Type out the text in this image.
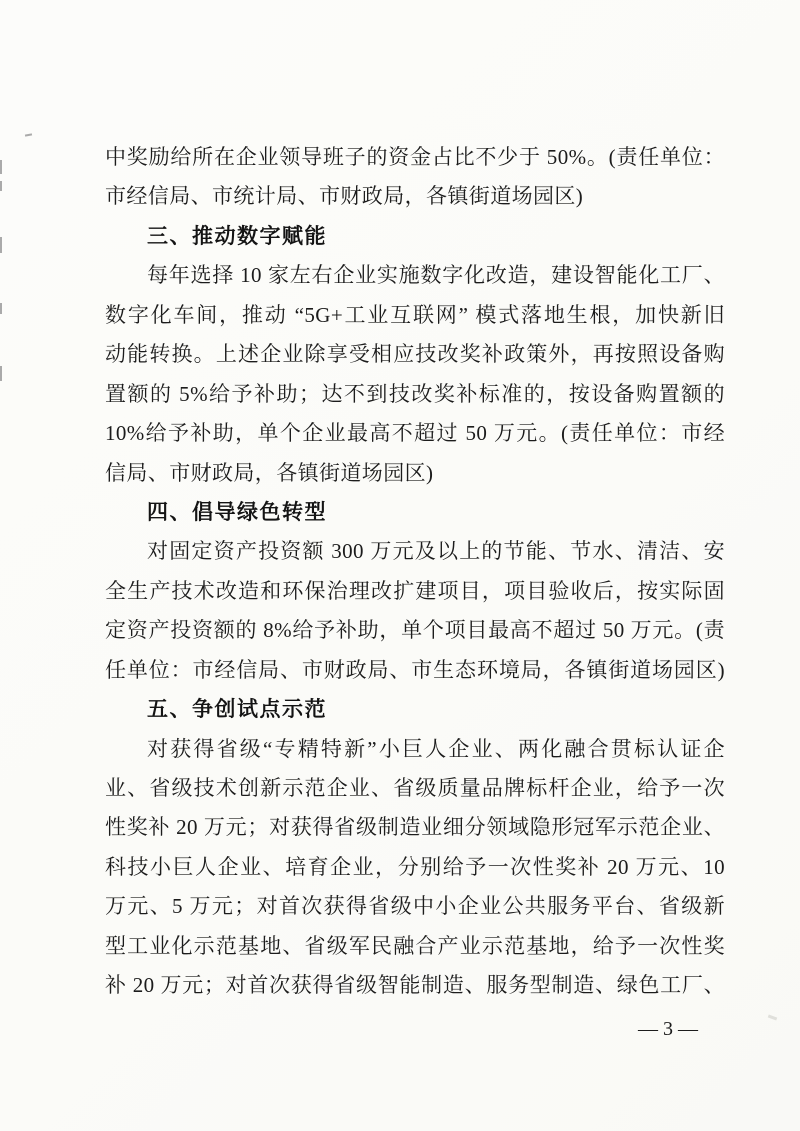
中奖励给所在企业领导班子的资金占比不少于 50%。(责任单位：
市经信局、市统计局、市财政局，各镇街道场园区)
三、推动数字赋能
每年选择 10 家左右企业实施数字化改造，建设智能化工厂、
数字化车间，推动 “5G+工业互联网” 模式落地生根，加快新旧
动能转换。上述企业除享受相应技改奖补政策外，再按照设备购
置额的 5%给予补助；达不到技改奖补标准的，按设备购置额的
10%给予补助，单个企业最高不超过 50 万元。(责任单位：市经
信局、市财政局，各镇街道场园区)
四、倡导绿色转型
对固定资产投资额 300 万元及以上的节能、节水、清洁、安
全生产技术改造和环保治理改扩建项目，项目验收后，按实际固
定资产投资额的 8%给予补助，单个项目最高不超过 50 万元。(责
任单位：市经信局、市财政局、市生态环境局，各镇街道场园区)
五、争创试点示范
对获得省级“专精特新”小巨人企业、两化融合贯标认证企
业、省级技术创新示范企业、省级质量品牌标杆企业，给予一次
性奖补 20 万元；对获得省级制造业细分领域隐形冠军示范企业、
科技小巨人企业、培育企业，分别给予一次性奖补 20 万元、10
万元、5 万元；对首次获得省级中小企业公共服务平台、省级新
型工业化示范基地、省级军民融合产业示范基地，给予一次性奖
补 20 万元；对首次获得省级智能制造、服务型制造、绿色工厂、
— 3 —
